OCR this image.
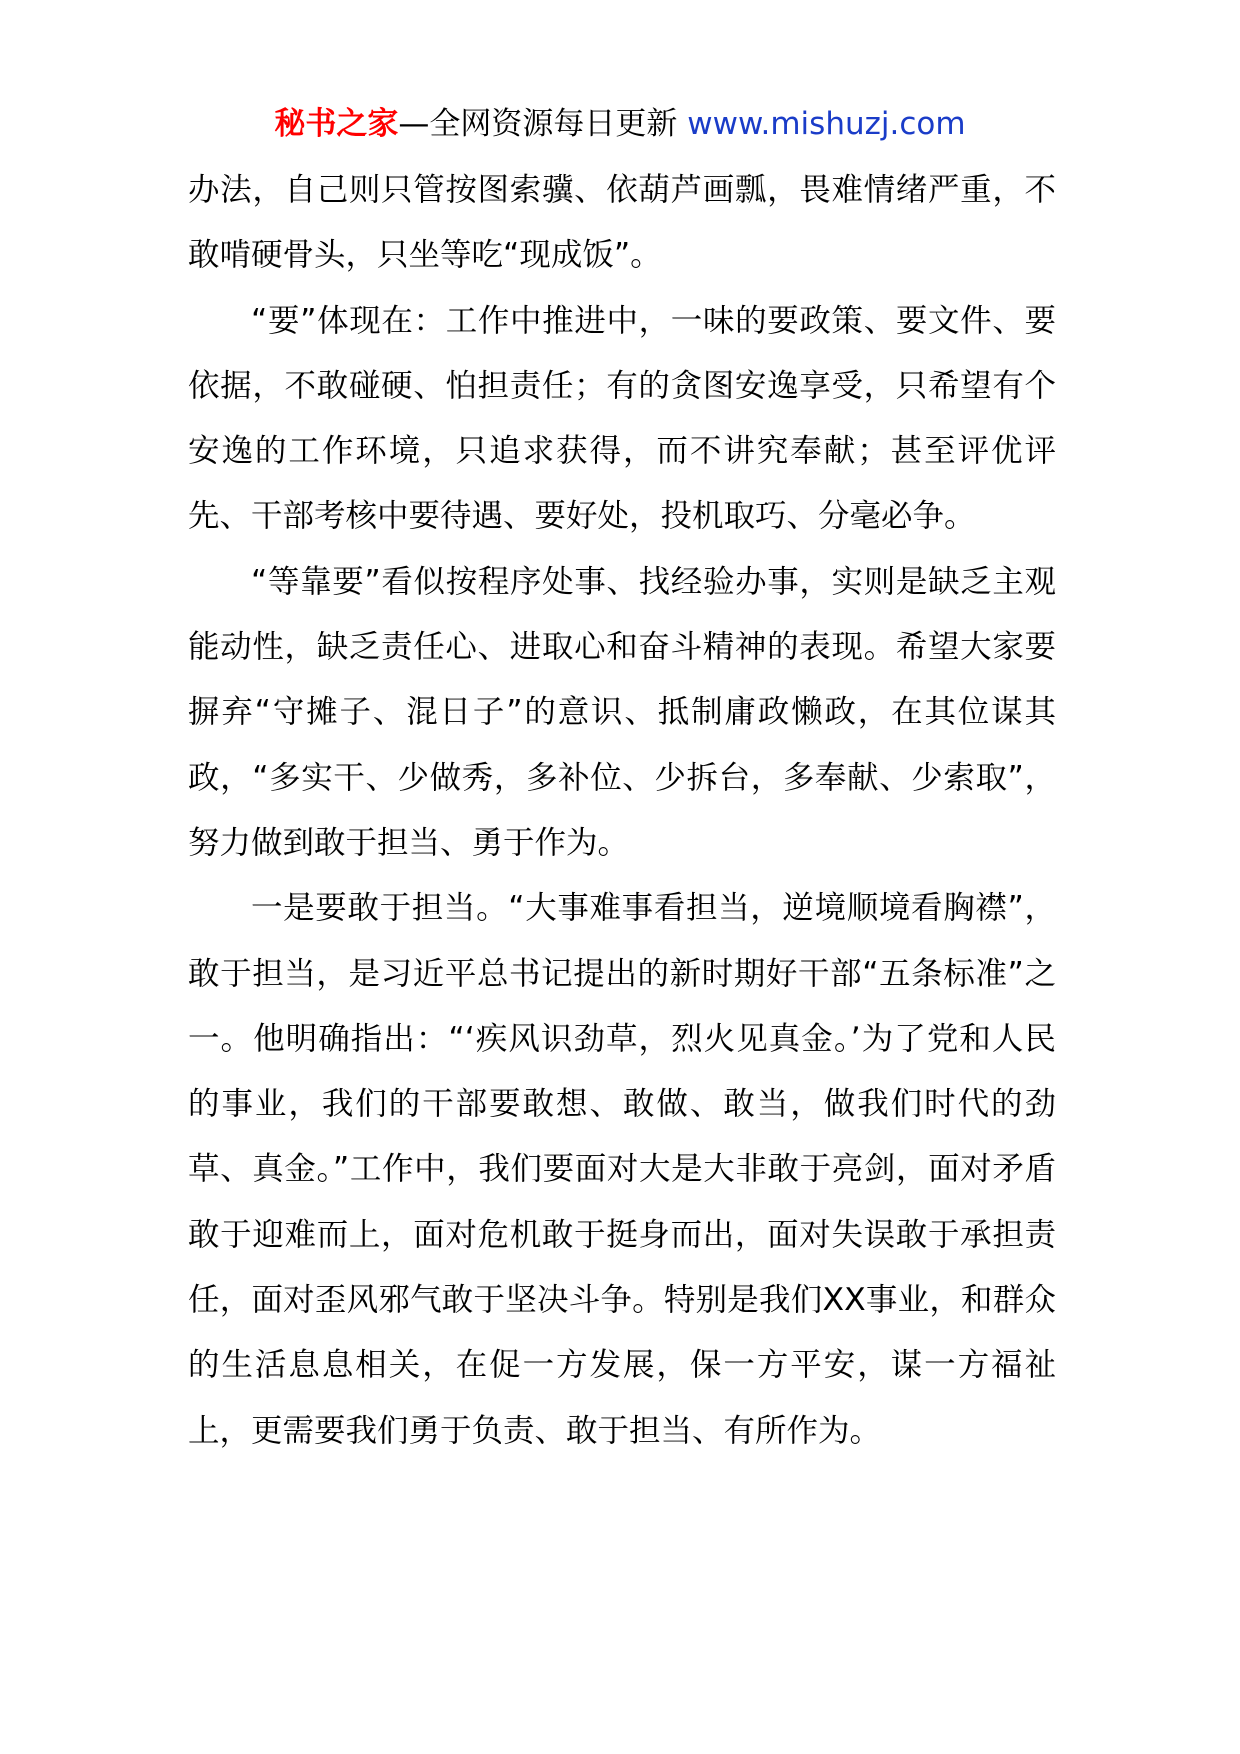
秘书之家—全网资源每日更新 www.mishuzj.com

办法，自己则只管按图索骥、依葫芦画瓢，畏难情绪严重，不敢啃硬骨头，只坐等吃“现成饭”。

“要”体现在：工作中推进中，一味的要政策、要文件、要依据，不敢碰硬、怕担责任；有的贪图安逸享受，只希望有个安逸的工作环境，只追求获得，而不讲究奉献；甚至评优评先、干部考核中要待遇、要好处，投机取巧、分毫必争。

“等靠要”看似按程序处事、找经验办事，实则是缺乏主观能动性，缺乏责任心、进取心和奋斗精神的表现。希望大家要摒弃“守摊子、混日子”的意识、抵制庸政懒政，在其位谋其政，“多实干、少做秀，多补位、少拆台，多奉献、少索取”，努力做到敢于担当、勇于作为。

一是要敢于担当。“大事难事看担当，逆境顺境看胸襟”，敢于担当，是习近平总书记提出的新时期好干部“五条标准”之一。他明确指出：“‘疾风识劲草，烈火见真金。’为了党和人民的事业，我们的干部要敢想、敢做、敢当，做我们时代的劲草、真金。”工作中，我们要面对大是大非敢于亮剑，面对矛盾敢于迎难而上，面对危机敢于挺身而出，面对失误敢于承担责任，面对歪风邪气敢于坚决斗争。特别是我们XX事业，和群众的生活息息相关，在促一方发展，保一方平安，谋一方福祉上，更需要我们勇于负责、敢于担当、有所作为。
